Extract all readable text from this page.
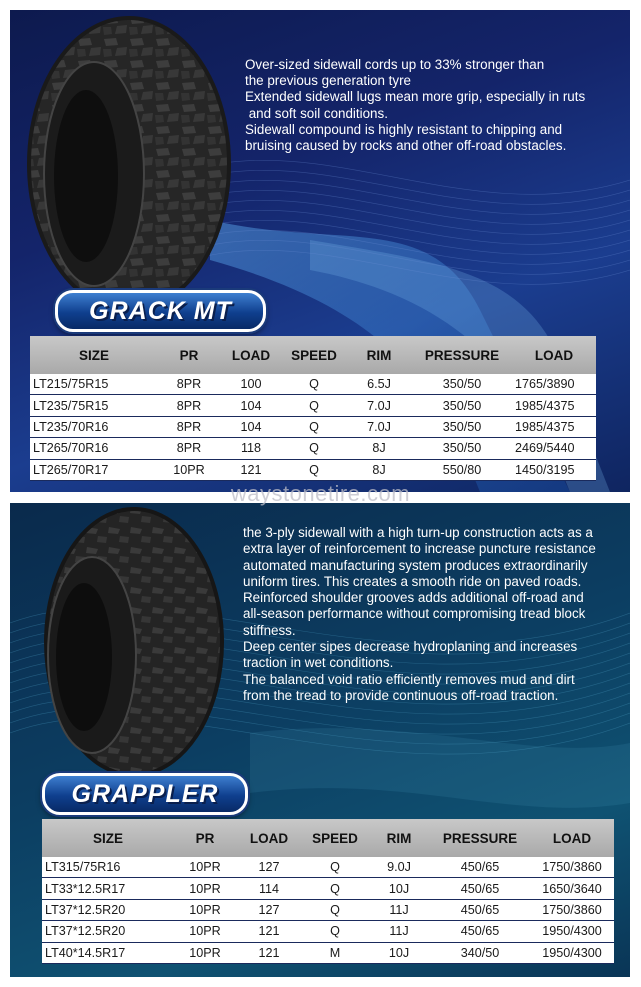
Over-sized sidewall cords up to 33% stronger than
the previous generation tyre
Extended sidewall lugs mean more grip, especially in ruts
and soft soil conditions.
Sidewall compound is highly resistant to chipping and
bruising caused by rocks and other off-road obstacles.
GRACK MT
SIZE	PR	LOAD	SPEED	RIM	PRESSURE	LOAD
LT215/75R15	8PR	100	Q	6.5J	350/50	1765/3890
LT235/75R15	8PR	104	Q	7.0J	350/50	1985/4375
LT235/70R16	8PR	104	Q	7.0J	350/50	1985/4375
LT265/70R16	8PR	118	Q	8J	350/50	2469/5440
LT265/70R17	10PR	121	Q	8J	550/80	1450/3195
the 3-ply sidewall with a high turn-up construction acts as a
extra layer of reinforcement to increase puncture resistance
automated manufacturing system produces extraordinarily
uniform tires. This creates a smooth ride on paved roads.
Reinforced shoulder grooves adds additional off-road and
all-season performance without compromising tread block
stiffness.
Deep center sipes decrease hydroplaning and increases
traction in wet conditions.
The balanced void ratio efficiently removes mud and dirt
from the tread to provide continuous off-road traction.
GRAPPLER
SIZE	PR	LOAD	SPEED	RIM	PRESSURE	LOAD
LT315/75R16	10PR	127	Q	9.0J	450/65	1750/3860
LT33*12.5R17	10PR	114	Q	10J	450/65	1650/3640
LT37*12.5R20	10PR	127	Q	11J	450/65	1750/3860
LT37*12.5R20	10PR	121	Q	11J	450/65	1950/4300
LT40*14.5R17	10PR	121	M	10J	340/50	1950/4300
waystonetire.com
